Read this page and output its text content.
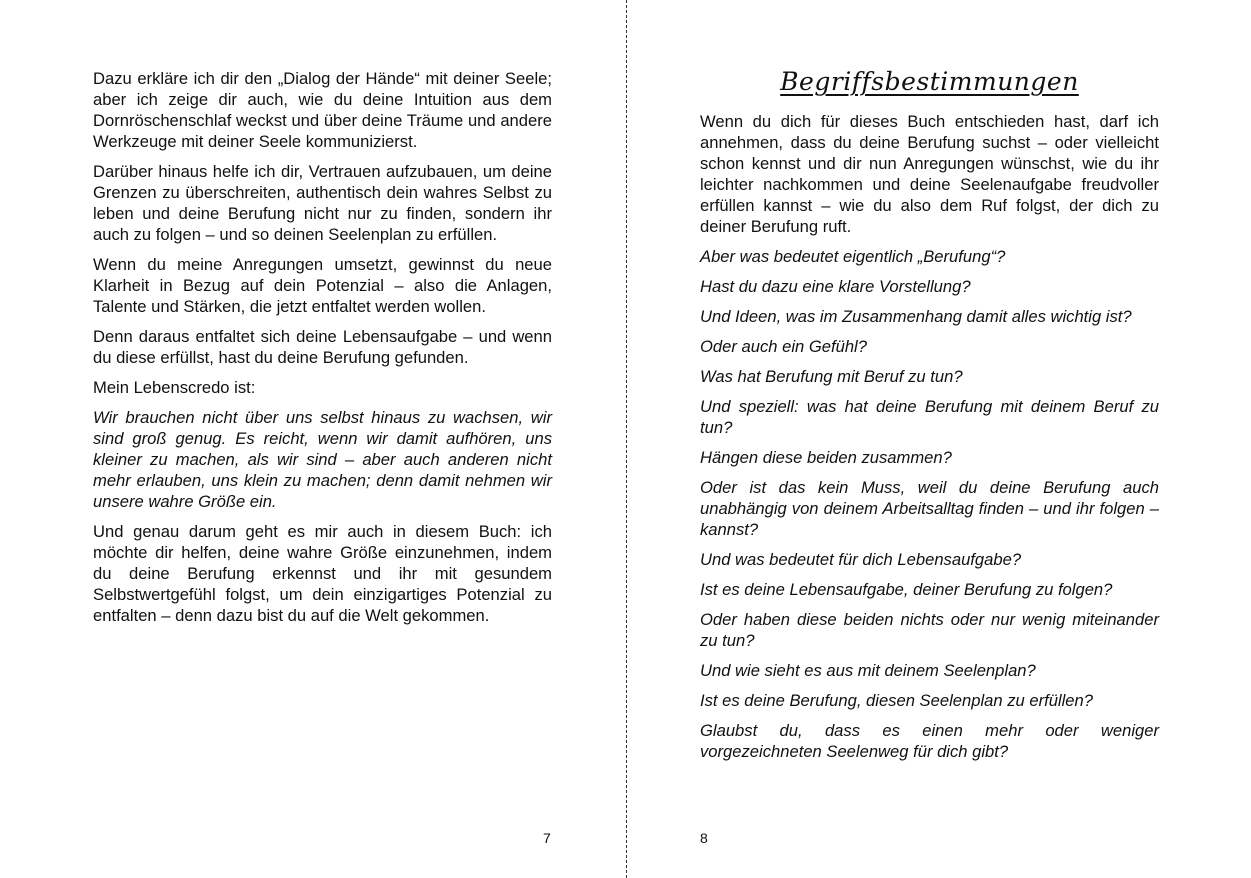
Dazu erkläre ich dir den „Dialog der Hände“ mit deiner Seele; aber ich zeige dir auch, wie du deine Intuition aus dem Dornröschenschlaf weckst und über deine Träume und andere Werkzeuge mit deiner Seele kommunizierst.

Darüber hinaus helfe ich dir, Vertrauen aufzubauen, um deine Grenzen zu überschreiten, authentisch dein wahres Selbst zu leben und deine Berufung nicht nur zu finden, sondern ihr auch zu folgen – und so deinen Seelenplan zu erfüllen.

Wenn du meine Anregungen umsetzt, gewinnst du neue Klarheit in Bezug auf dein Potenzial – also die Anlagen, Talente und Stärken, die jetzt entfaltet werden wollen.

Denn daraus entfaltet sich deine Lebensaufgabe – und wenn du diese erfüllst, hast du deine Berufung gefunden.

Mein Lebenscredo ist:

Wir brauchen nicht über uns selbst hinaus zu wachsen, wir sind groß genug. Es reicht, wenn wir damit aufhören, uns kleiner zu machen, als wir sind – aber auch anderen nicht mehr erlauben, uns klein zu machen; denn damit nehmen wir unsere wahre Größe ein.

Und genau darum geht es mir auch in diesem Buch: ich möchte dir helfen, deine wahre Größe einzunehmen, indem du deine Berufung erkennst und ihr mit gesundem Selbstwertgefühl folgst, um dein einzigartiges Potenzial zu entfalten – denn dazu bist du auf die Welt gekommen.

7
Begriffsbestimmungen

Wenn du dich für dieses Buch entschieden hast, darf ich annehmen, dass du deine Berufung suchst – oder vielleicht schon kennst und dir nun Anregungen wünschst, wie du ihr leichter nachkommen und deine Seelenaufgabe freudvoller erfüllen kannst – wie du also dem Ruf folgst, der dich zu deiner Berufung ruft.

Aber was bedeutet eigentlich „Berufung“?

Hast du dazu eine klare Vorstellung?

Und Ideen, was im Zusammenhang damit alles wichtig ist?

Oder auch ein Gefühl?

Was hat Berufung mit Beruf zu tun?

Und speziell: was hat deine Berufung mit deinem Beruf zu tun?

Hängen diese beiden zusammen?

Oder ist das kein Muss, weil du deine Berufung auch unabhängig von deinem Arbeitsalltag finden – und ihr folgen – kannst?

Und was bedeutet für dich Lebensaufgabe?

Ist es deine Lebensaufgabe, deiner Berufung zu folgen?

Oder haben diese beiden nichts oder nur wenig miteinander zu tun?

Und wie sieht es aus mit deinem Seelenplan?

Ist es deine Berufung, diesen Seelenplan zu erfüllen?

Glaubst du, dass es einen mehr oder weniger vorgezeichneten Seelenweg für dich gibt?

8
